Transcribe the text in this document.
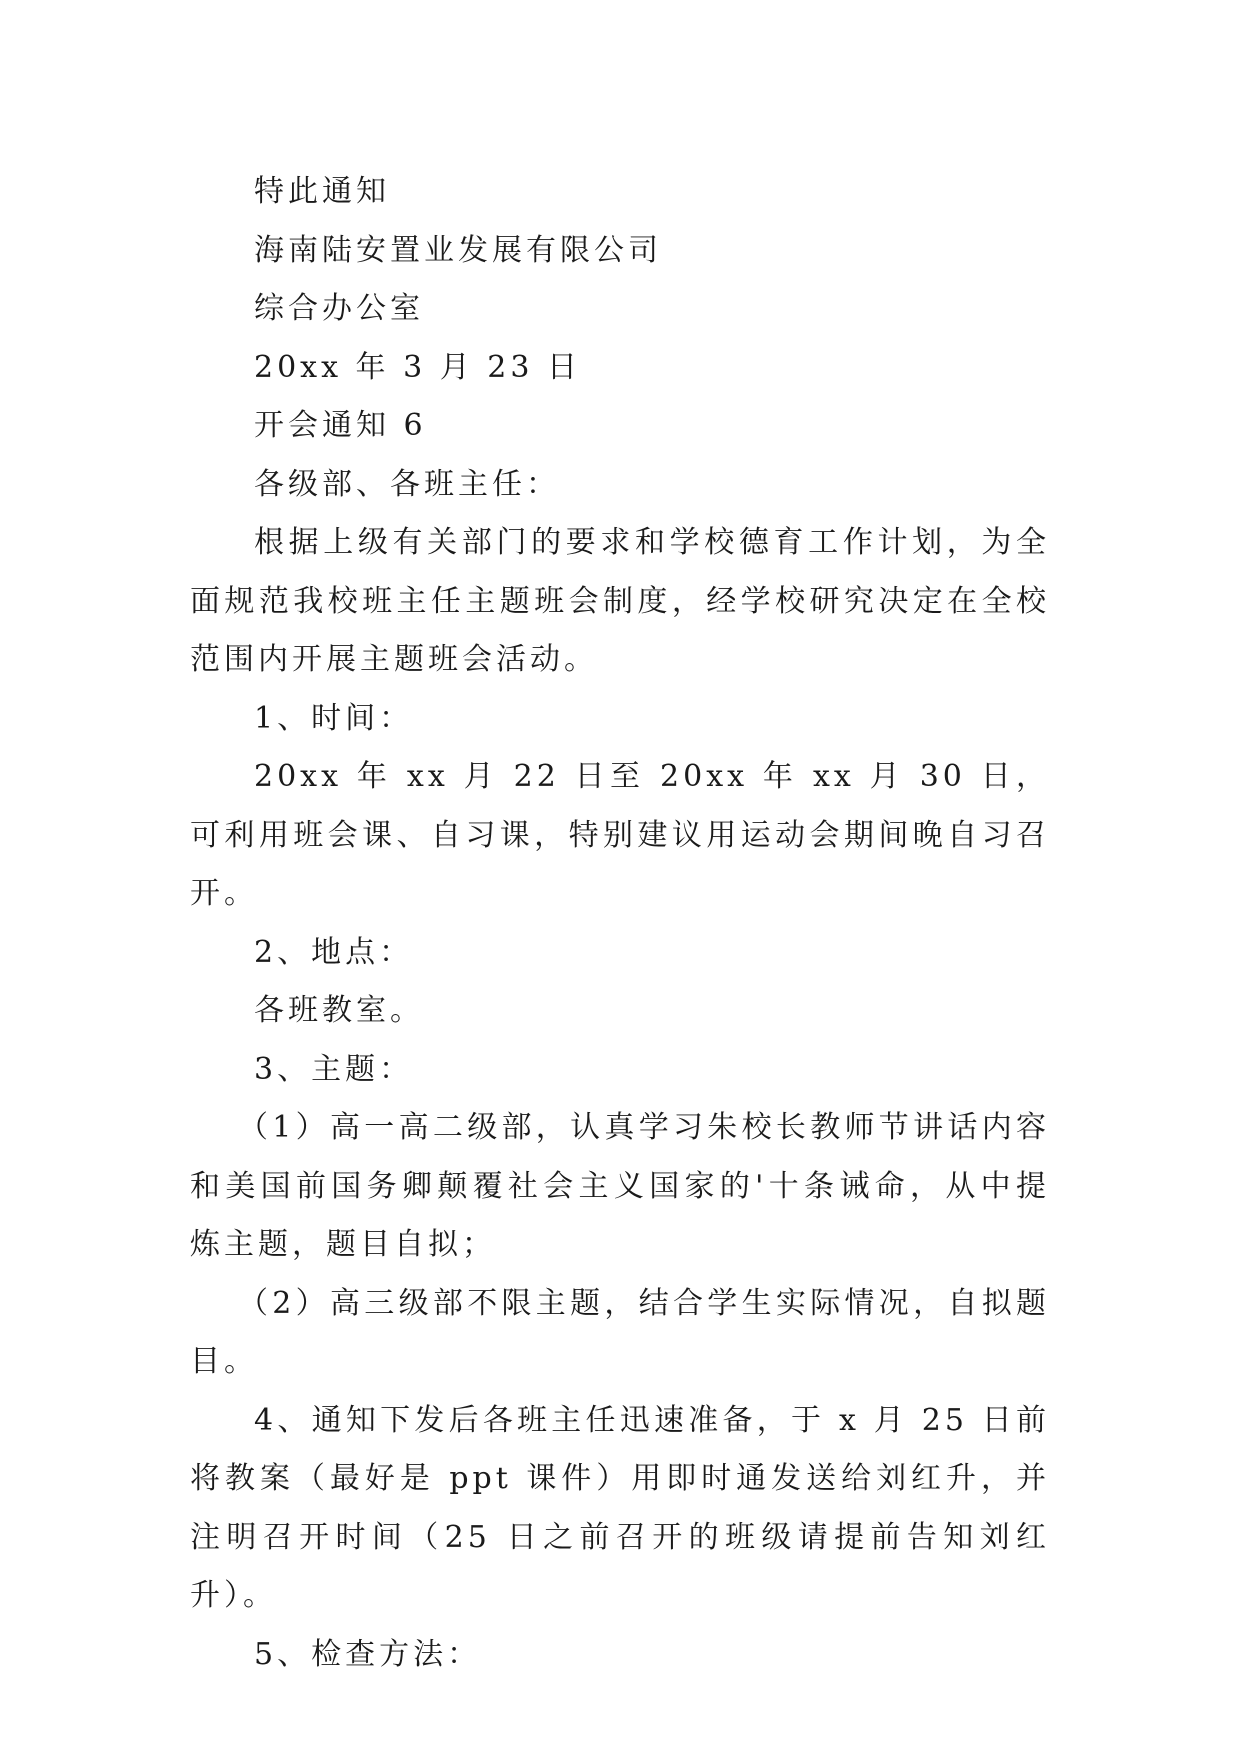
特此通知

海南陆安置业发展有限公司

综合办公室

20xx 年 3 月 23 日

开会通知 6

各级部、各班主任：

根据上级有关部门的要求和学校德育工作计划，为全面规范我校班主任主题班会制度，经学校研究决定在全校范围内开展主题班会活动。

1、时间：

20xx 年 xx 月 22 日至 20xx 年 xx 月 30 日，可利用班会课、自习课，特别建议用运动会期间晚自习召开。

2、地点：

各班教室。

3、主题：

（1）高一高二级部，认真学习朱校长教师节讲话内容和美国前国务卿颠覆社会主义国家的'十条诫命，从中提炼主题，题目自拟；

（2）高三级部不限主题，结合学生实际情况，自拟题目。

4、通知下发后各班主任迅速准备，于 x 月 25 日前将教案（最好是 ppt 课件）用即时通发送给刘红升，并注明召开时间（25 日之前召开的班级请提前告知刘红升）。

5、检查方法：
